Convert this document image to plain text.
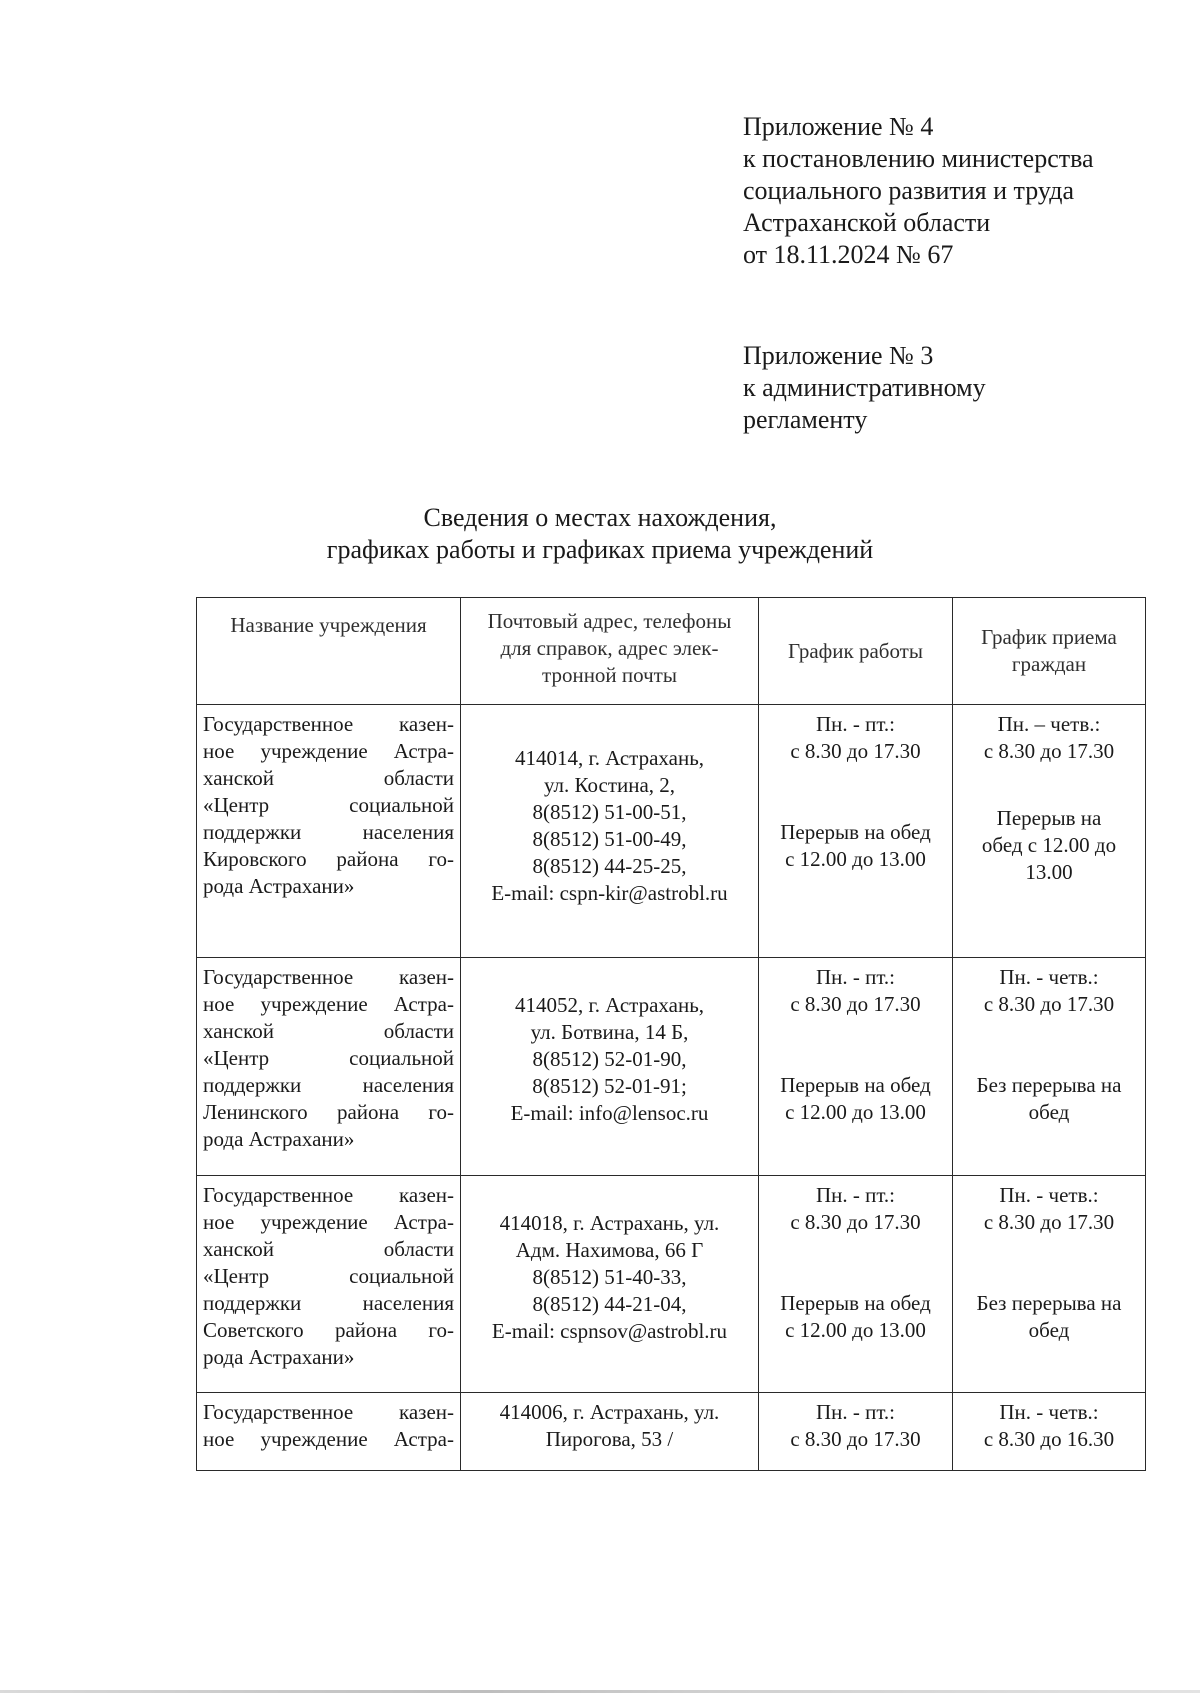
Приложение № 4
к постановлению министерства
социального развития и труда
Астраханской области
от 18.11.2024 № 67
Приложение № 3
к административному
регламенту
Сведения о местах нахождения,
графиках работы и графиках приема учреждений
Название учреждения	Почтовый адрес, телефоны
для справок, адрес элек-
тронной почты
График работы
График приема
граждан
Государственное казен-
ное учреждение Астра-
ханской области
«Центр социальной
поддержки населения
Кировского района го-
рода Астрахани»
414014, г. Астрахань,
ул. Костина, 2,
8(8512) 51-00-51,
8(8512) 51-00-49,
8(8512) 44-25-25,
E-mail: cspn-kir@astrobl.ru
Пн. - пт.:
с 8.30 до 17.30
Перерыв на обед
с 12.00 до 13.00
Пн. – четв.:
с 8.30 до 17.30
Перерыв на
обед с 12.00 до
13.00
Государственное казен-
ное учреждение Астра-
ханской области
«Центр социальной
поддержки населения
Ленинского района го-
рода Астрахани»
414052, г. Астрахань,
ул. Ботвина, 14 Б,
8(8512) 52-01-90,
8(8512) 52-01-91;
E-mail: info@lensoc.ru
Пн. - пт.:
с 8.30 до 17.30
Перерыв на обед
с 12.00 до 13.00
Пн. - четв.:
с 8.30 до 17.30
Без перерыва на
обед
Государственное казен-
ное учреждение Астра-
ханской области
«Центр социальной
поддержки населения
Советского района го-
рода Астрахани»
414018, г. Астрахань, ул.
Адм. Нахимова, 66 Г
8(8512) 51-40-33,
8(8512) 44-21-04,
E-mail: cspnsov@astrobl.ru
Пн. - пт.:
с 8.30 до 17.30
Перерыв на обед
с 12.00 до 13.00
Пн. - четв.:
с 8.30 до 17.30
Без перерыва на
обед
Государственное казен-
ное учреждение Астра-
414006, г. Астрахань, ул.
Пирогова, 53 /
Пн. - пт.:
с 8.30 до 17.30
Пн. - четв.:
с 8.30 до 16.30
